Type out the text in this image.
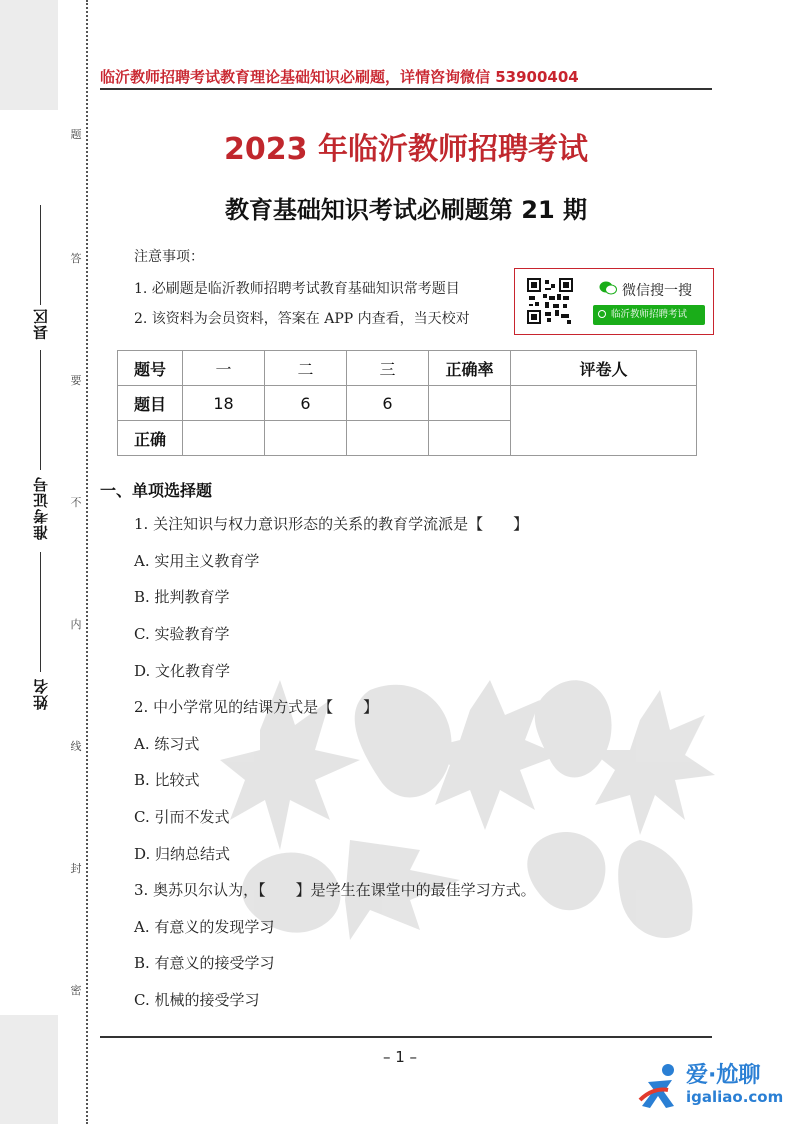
题
答
要
不
内
线
封
密
县区
准考证号
姓名
临沂教师招聘考试教育理论基础知识必刷题，详情咨询微信 53900404
2023 年临沂教师招聘考试
教育基础知识考试必刷题第 21 期
注意事项：
1. 必刷题是临沂教师招聘考试教育基础知识常考题目
2. 该资料为会员资料，答案在 APP 内查看，当天校对
微信搜一搜
临沂教师招聘考试
题号	一	二	三	正确率	评卷人
题目	18	6	6		
正确					
一、单项选择题
1. 关注知识与权力意识形态的关系的教育学流派是【　　】
A. 实用主义教育学
B. 批判教育学
C. 实验教育学
D. 文化教育学
2. 中小学常见的结课方式是【　　】
A. 练习式
B. 比较式
C. 引而不发式
D. 归纳总结式
3. 奥苏贝尔认为，【　　】是学生在课堂中的最佳学习方式。
A. 有意义的发现学习
B. 有意义的接受学习
C. 机械的接受学习
– 1 –
爱·尬聊
igaliao.com
